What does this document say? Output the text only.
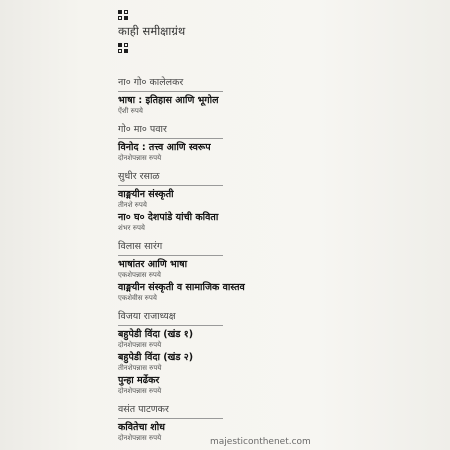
काही समीक्षाग्रंथ
ना० गो० कालेलकर
भाषा : इतिहास आणि भूगोल
ऐंशी रुपये
गो० मा० पवार
विनोद : तत्त्व आणि स्वरूप
दोनशेपन्नास रुपये
सुधीर रसाळ
वाङ्मयीन संस्कृती
तीनशे रुपये
ना० घ० देशपांडे यांची कविता
शंभर रुपये
विलास सारंग
भाषांतर आणि भाषा
एकशेपन्नास रुपये
वाङ्मयीन संस्कृती व सामाजिक वास्तव
एकशेवीस रुपये
विजया राजाध्यक्ष
बहुपेडी विंदा (खंड १)
दोनशेपन्नास रुपये
बहुपेडी विंदा (खंड २)
तीनशेपन्नास रुपये
पुन्हा मर्ढेकर
दोनशेपन्नास रुपये
वसंत पाटणकर
कवितेचा शोध
दोनशेपन्नास रुपये	majesticonthenet.com
